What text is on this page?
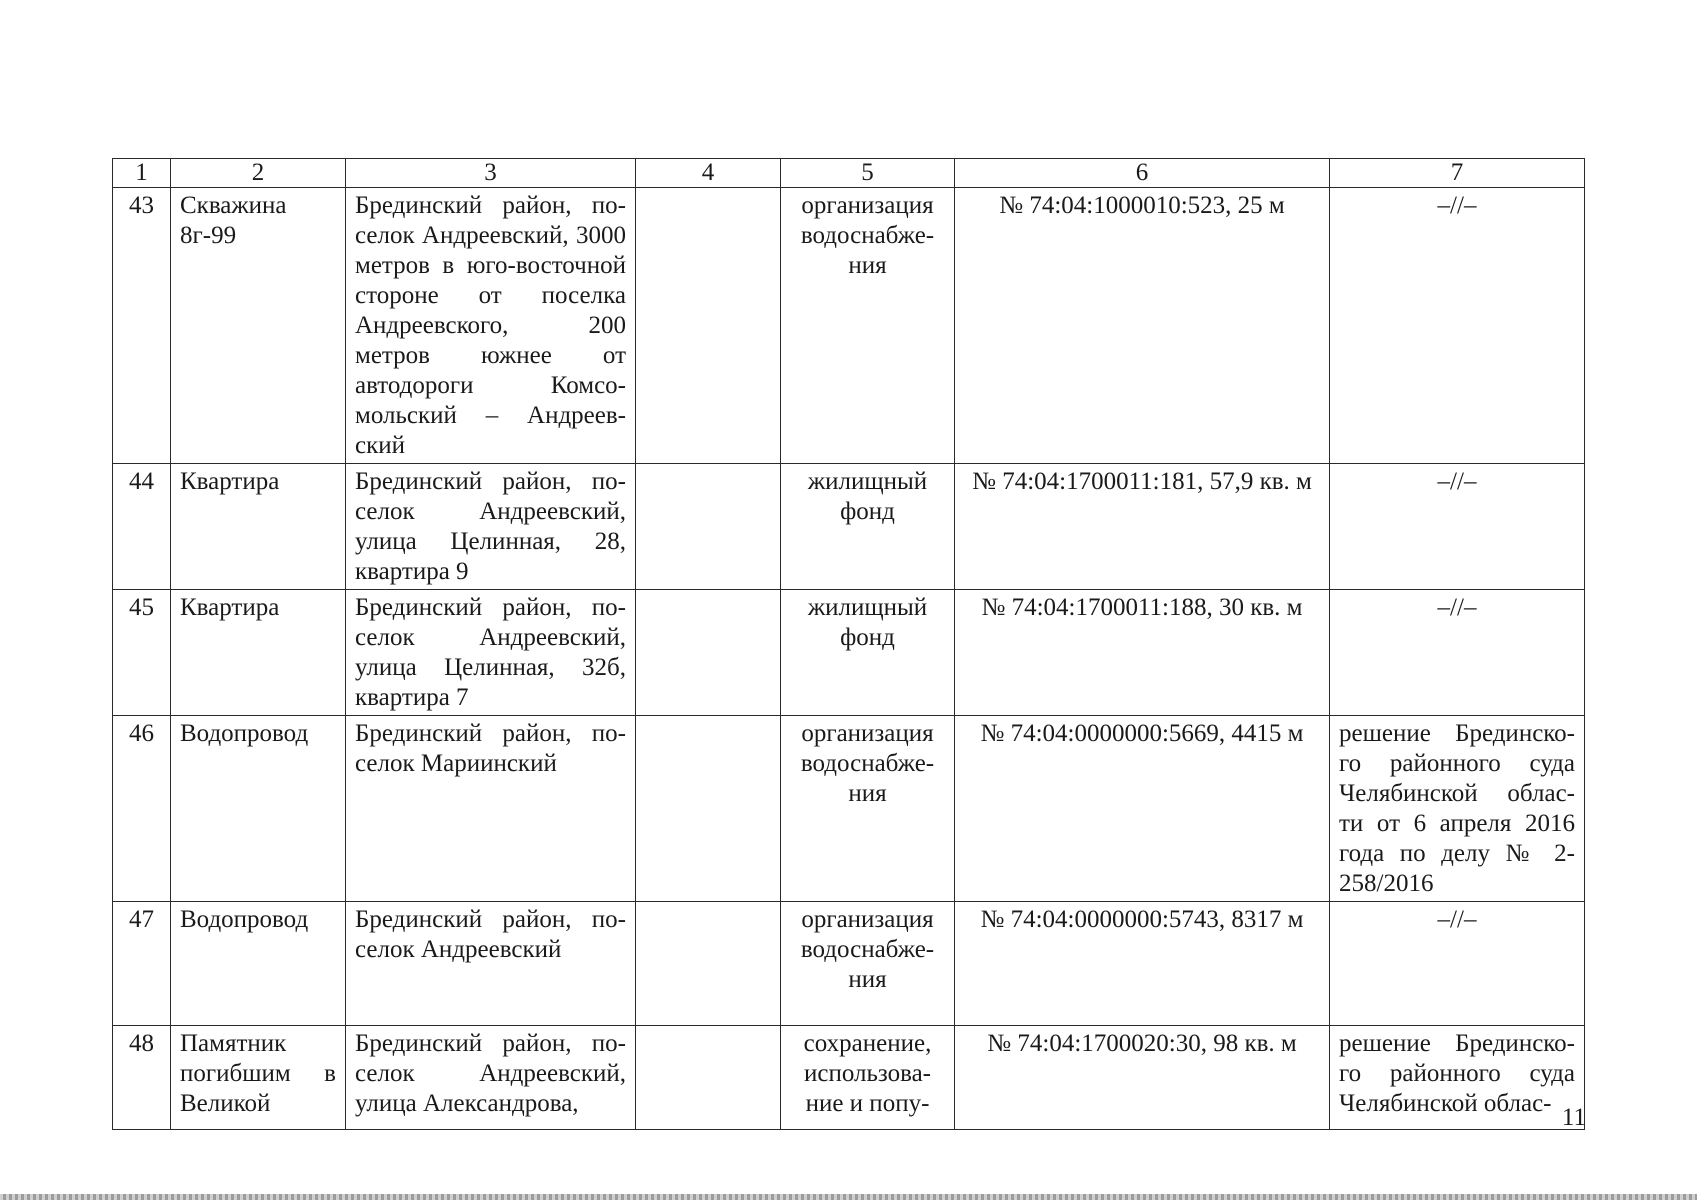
1	2	3	4	5	6	7
43	Скважина 8г-99	Брединский район, по-селок Андреевский, 3000 метров в юго-восточной стороне от поселка Андреевского, 200 метров южнее от автодороги Комсо-мольский – Андреев-ский		организация водоснабже-ния	№ 74:04:1000010:523, 25 м	–//–
44	Квартира	Брединский район, по-селок Андреевский, улица Целинная, 28, квартира 9		жилищный фонд	№ 74:04:1700011:181, 57,9 кв. м	–//–
45	Квартира	Брединский район, по-селок Андреевский, улица Целинная, 32б, квартира 7		жилищный фонд	№ 74:04:1700011:188, 30 кв. м	–//–
46	Водопровод	Брединский район, по-селок Мариинский		организация водоснабже-ния	№ 74:04:0000000:5669, 4415 м	решение Брединско-го районного суда Челябинской облас-ти от 6 апреля 2016 года по делу № 2-258/2016
47	Водопровод	Брединский район, по-селок Андреевский		организация водоснабже-ния	№ 74:04:0000000:5743, 8317 м	–//–
48	Памятник погибшим в Великой	Брединский район, по-селок Андреевский, улица Александрова,		сохранение, использова-ние и попу-	№ 74:04:1700020:30, 98 кв. м	решение Брединско-го районного суда Челябинской облас-
11
